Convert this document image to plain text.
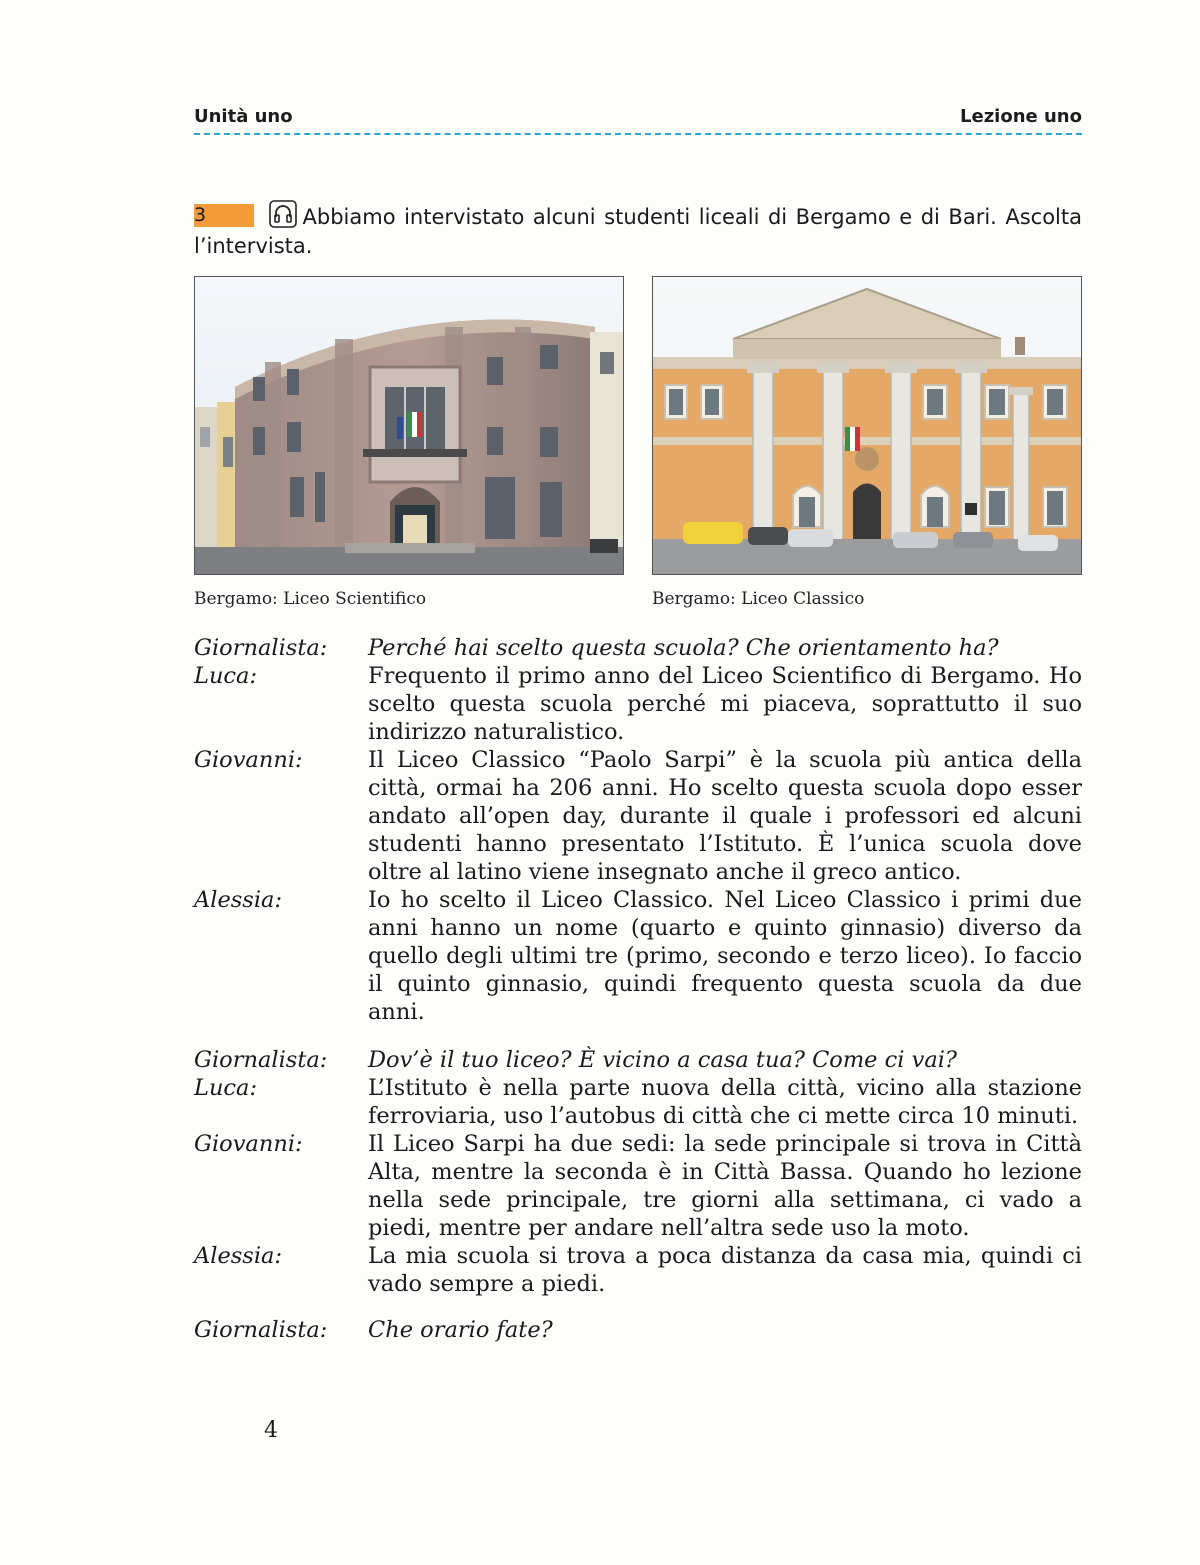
Unità uno	Lezione uno
3	Abbiamo intervistato alcuni studenti liceali di Bergamo e di Bari. Ascolta l’intervista.
Bergamo: Liceo Scientifico	Bergamo: Liceo Classico
Giornalista:	Perché hai scelto questa scuola? Che orientamento ha?
Luca:	Frequento il primo anno del Liceo Scientifico di Bergamo. Ho scelto questa scuola perché mi piaceva, soprattutto il suo indirizzo naturalistico.
Giovanni:	Il Liceo Classico “Paolo Sarpi” è la scuola più antica della città, ormai ha 206 anni. Ho scelto questa scuola dopo esser andato all’open day, durante il quale i professori ed alcuni studenti hanno presentato l’Istituto. È l’unica scuola dove oltre al latino viene insegnato anche il greco antico.
Alessia:	Io ho scelto il Liceo Classico. Nel Liceo Classico i primi due anni hanno un nome (quarto e quinto ginnasio) diverso da quello degli ultimi tre (primo, secondo e terzo liceo). Io faccio il quinto ginnasio, quindi frequento questa scuola da due anni.
Giornalista:	Dov’è il tuo liceo? È vicino a casa tua? Come ci vai?
Luca:	L’Istituto è nella parte nuova della città, vicino alla stazione ferroviaria, uso l’autobus di città che ci mette circa 10 minuti.
Giovanni:	Il Liceo Sarpi ha due sedi: la sede principale si trova in Città Alta, mentre la seconda è in Città Bassa. Quando ho lezione nella sede principale, tre giorni alla settimana, ci vado a piedi, mentre per andare nell’altra sede uso la moto.
Alessia:	La mia scuola si trova a poca distanza da casa mia, quindi ci vado sempre a piedi.
Giornalista:	Che orario fate?
4
